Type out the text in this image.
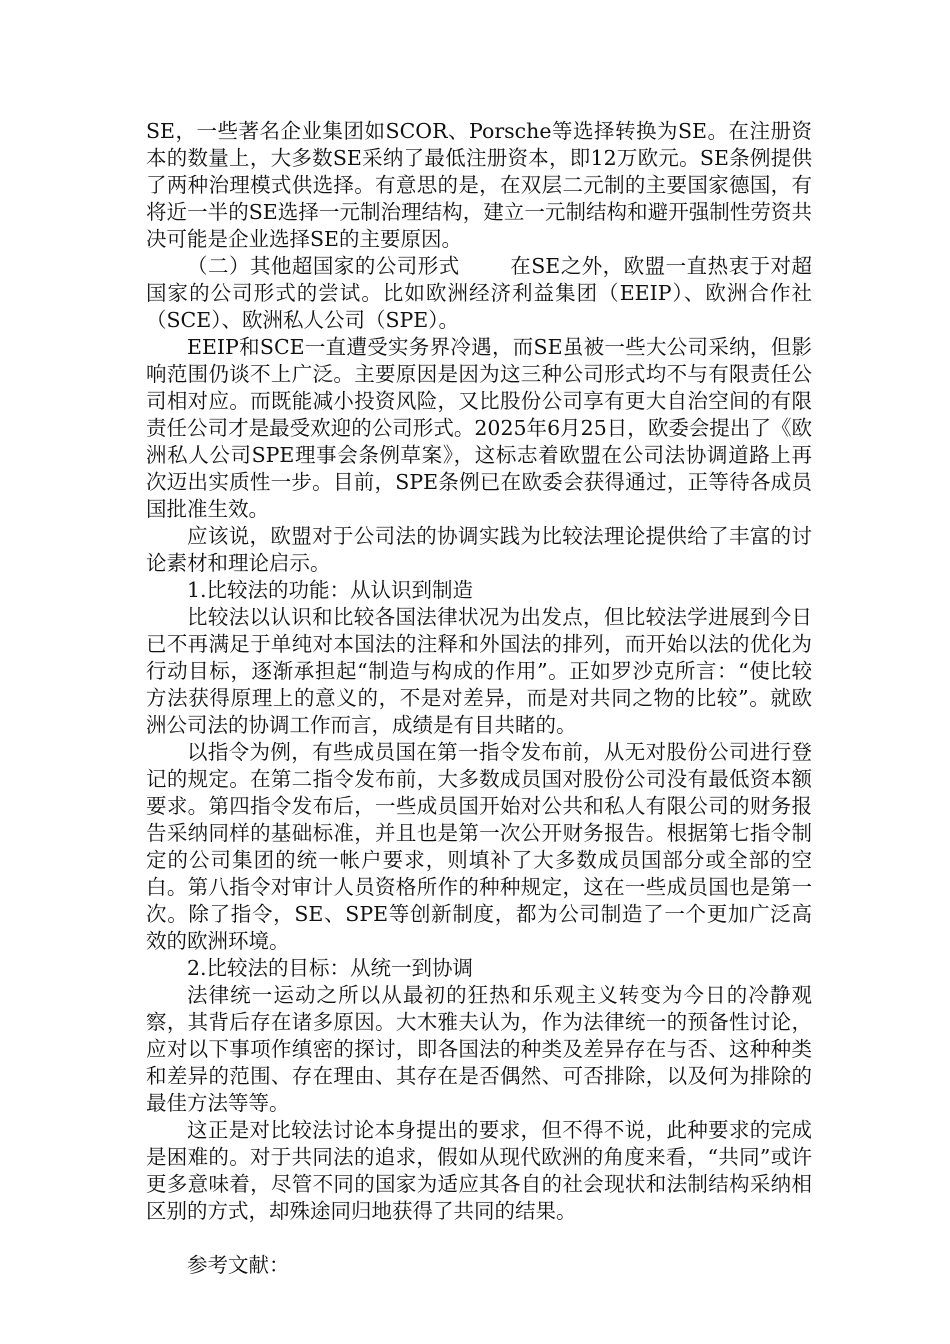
SE，一些著名企业集团如SCOR、Porsche等选择转换为SE。在注册资本的数量上，大多数SE采纳了最低注册资本，即12万欧元。SE条例提供了两种治理模式供选择。有意思的是，在双层二元制的主要国家德国，有将近一半的SE选择一元制治理结构，建立一元制结构和避开强制性劳资共决可能是企业选择SE的主要原因。

（二）其他超国家的公司形式 在SE之外，欧盟一直热衷于对超国家的公司形式的尝试。比如欧洲经济利益集团（EEIP）、欧洲合作社（SCE）、欧洲私人公司（SPE）。

EEIP和SCE一直遭受实务界冷遇，而SE虽被一些大公司采纳，但影响范围仍谈不上广泛。主要原因是因为这三种公司形式均不与有限责任公司相对应。而既能减小投资风险，又比股份公司享有更大自治空间的有限责任公司才是最受欢迎的公司形式。2025年6月25日，欧委会提出了《欧洲私人公司SPE理事会条例草案》，这标志着欧盟在公司法协调道路上再次迈出实质性一步。目前，SPE条例已在欧委会获得通过，正等待各成员国批准生效。

应该说，欧盟对于公司法的协调实践为比较法理论提供给了丰富的讨论素材和理论启示。

1.比较法的功能：从认识到制造

比较法以认识和比较各国法律状况为出发点，但比较法学进展到今日已不再满足于单纯对本国法的注释和外国法的排列，而开始以法的优化为行动目标，逐渐承担起“制造与构成的作用”。正如罗沙克所言：“使比较方法获得原理上的意义的，不是对差异，而是对共同之物的比较”。就欧洲公司法的协调工作而言，成绩是有目共睹的。

以指令为例，有些成员国在第一指令发布前，从无对股份公司进行登记的规定。在第二指令发布前，大多数成员国对股份公司没有最低资本额要求。第四指令发布后，一些成员国开始对公共和私人有限公司的财务报告采纳同样的基础标准，并且也是第一次公开财务报告。根据第七指令制定的公司集团的统一帐户要求，则填补了大多数成员国部分或全部的空白。第八指令对审计人员资格所作的种种规定，这在一些成员国也是第一次。除了指令，SE、SPE等创新制度，都为公司制造了一个更加广泛高效的欧洲环境。

2.比较法的目标：从统一到协调

法律统一运动之所以从最初的狂热和乐观主义转变为今日的冷静观察，其背后存在诸多原因。大木雅夫认为，作为法律统一的预备性讨论，应对以下事项作缜密的探讨，即各国法的种类及差异存在与否、这种种类和差异的范围、存在理由、其存在是否偶然、可否排除，以及何为排除的最佳方法等等。

这正是对比较法讨论本身提出的要求，但不得不说，此种要求的完成是困难的。对于共同法的追求，假如从现代欧洲的角度来看，“共同”或许更多意味着，尽管不同的国家为适应其各自的社会现状和法制结构采纳相区别的方式，却殊途同归地获得了共同的结果。

参考文献：
